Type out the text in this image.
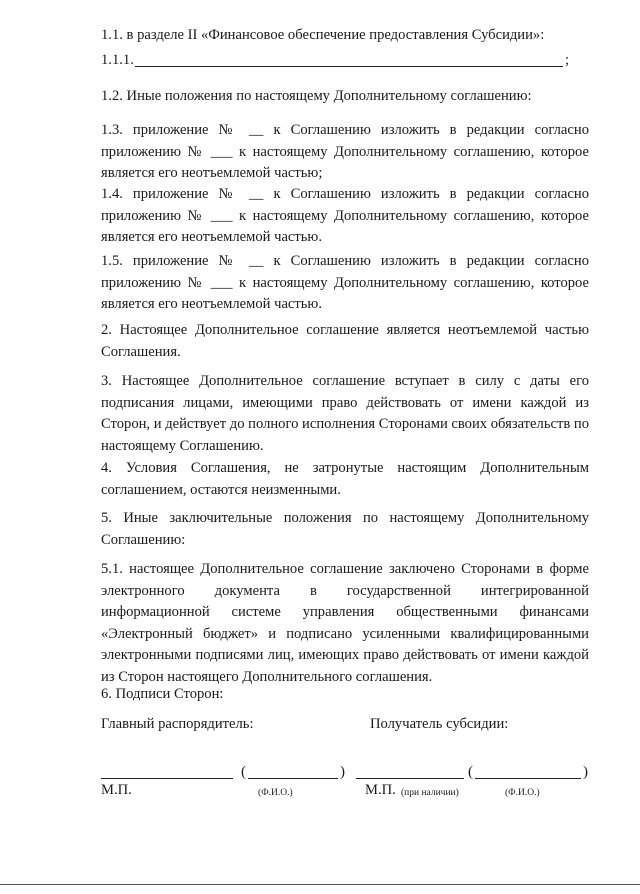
1.1. в разделе II «Финансовое обеспечение предоставления Субсидии»:

1.1.1.	;

1.2. Иные положения по настоящему Дополнительному соглашению:

1.3. приложение № __ к Соглашению изложить в редакции согласно приложению № ___ к настоящему Дополнительному соглашению, которое является его неотъемлемой частью;

1.4. приложение № __ к Соглашению изложить в редакции согласно приложению № ___ к настоящему Дополнительному соглашению, которое является его неотъемлемой частью.

1.5. приложение № __ к Соглашению изложить в редакции согласно приложению № ___ к настоящему Дополнительному соглашению, которое является его неотъемлемой частью.

2. Настоящее Дополнительное соглашение является неотъемлемой частью Соглашения.

3. Настоящее Дополнительное соглашение вступает в силу с даты его подписания лицами, имеющими право действовать от имени каждой из Сторон, и действует до полного исполнения Сторонами своих обязательств по настоящему Соглашению.

4. Условия Соглашения, не затронутые настоящим Дополнительным соглашением, остаются неизменными.

5. Иные заключительные положения по настоящему Дополнительному Соглашению:

5.1. настоящее Дополнительное соглашение заключено Сторонами в форме электронного документа в государственной интегрированной информационной системе управления общественными финансами «Электронный бюджет» и подписано усиленными квалифицированными электронными подписями лиц, имеющих право действовать от имени каждой из Сторон настоящего Дополнительного соглашения.

6. Подписи Сторон:

Главный распорядитель:	Получатель субсидии:
(	)	(	)
М.П.	(Ф.И.О.)	М.П. (при наличии)	(Ф.И.О.)
